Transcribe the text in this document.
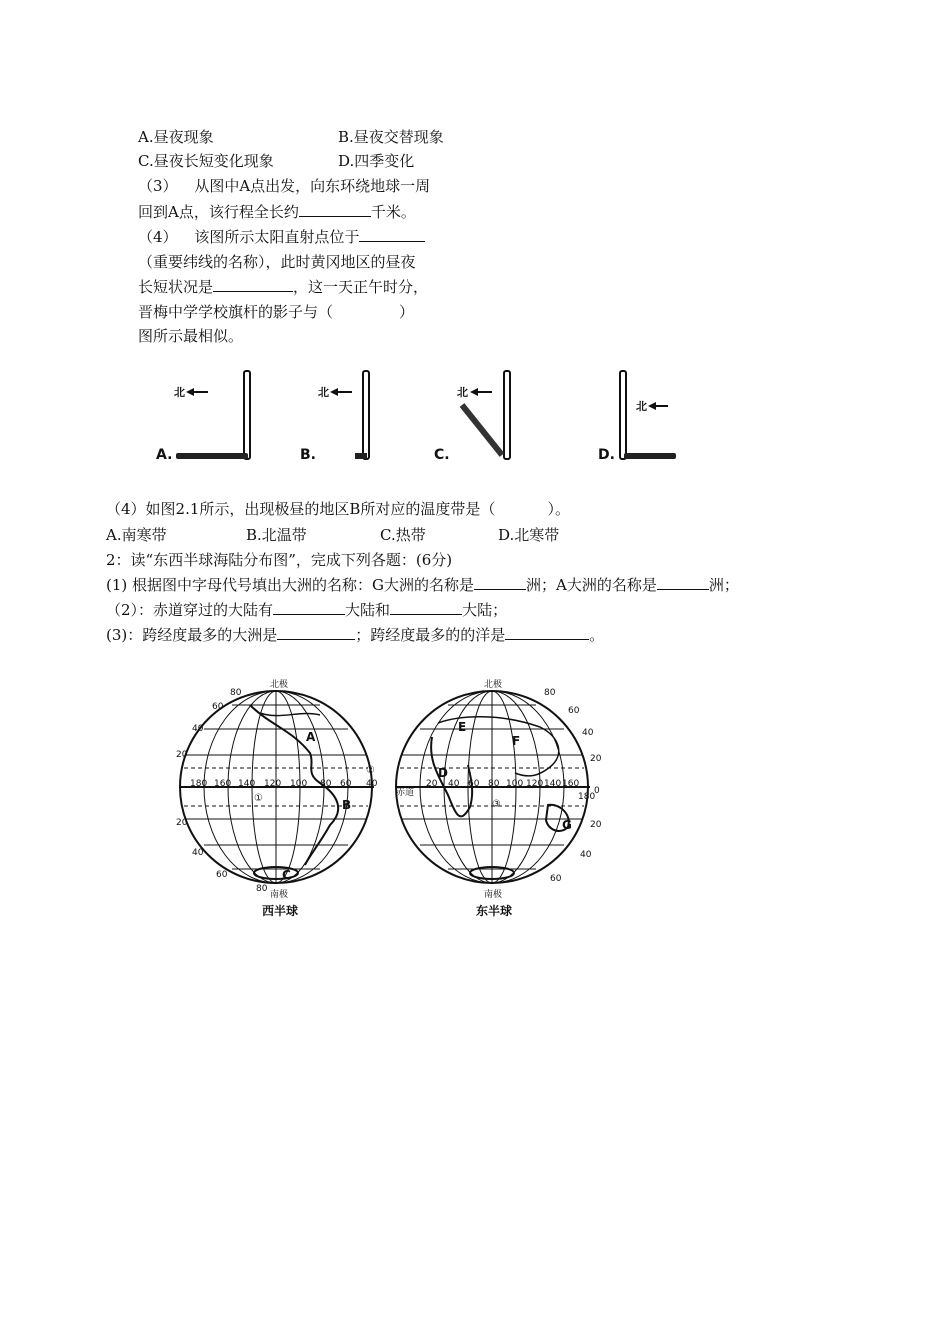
A.昼夜现象	B.昼夜交替现象
C.昼夜长短变化现象	D.四季变化
（3） 从图中A点出发，向东环绕地球一周
回到A点，该行程全长约	千米。
（4） 该图所示太阳直射点位于
（重要纬线的名称），此时黄冈地区的昼夜
长短状况是	，这一天正午时分，
晋梅中学学校旗杆的影子与（	）
图所示最相似。
北	北	北
北
A.	B.	C.	D.
（4）如图2.1所示，出现极昼的地区B所对应的温度带是（	）。
A.南寒带	B.北温带	C.热带	D.北寒带
2：读“东西半球海陆分布图”，完成下列各题：(6分)
(1) 根据图中字母代号填出大洲的名称：G大洲的名称是	洲；A大洲的名称是	洲；
（2）：赤道穿过的大陆有	大陆和	大陆；
(3)：跨经度最多的大洲是	；跨经度最多的的洋是	。
北极
南极
北极
南极
赤道
180 160 140 120 100 80 60 40	20 40 60 80 100 120 140 160
180
80
60
40
20
20
40
60
80
80
60
40
20
0
20
40
60
A
B
C
D
E
F
G
①
②
③
西半球	东半球
